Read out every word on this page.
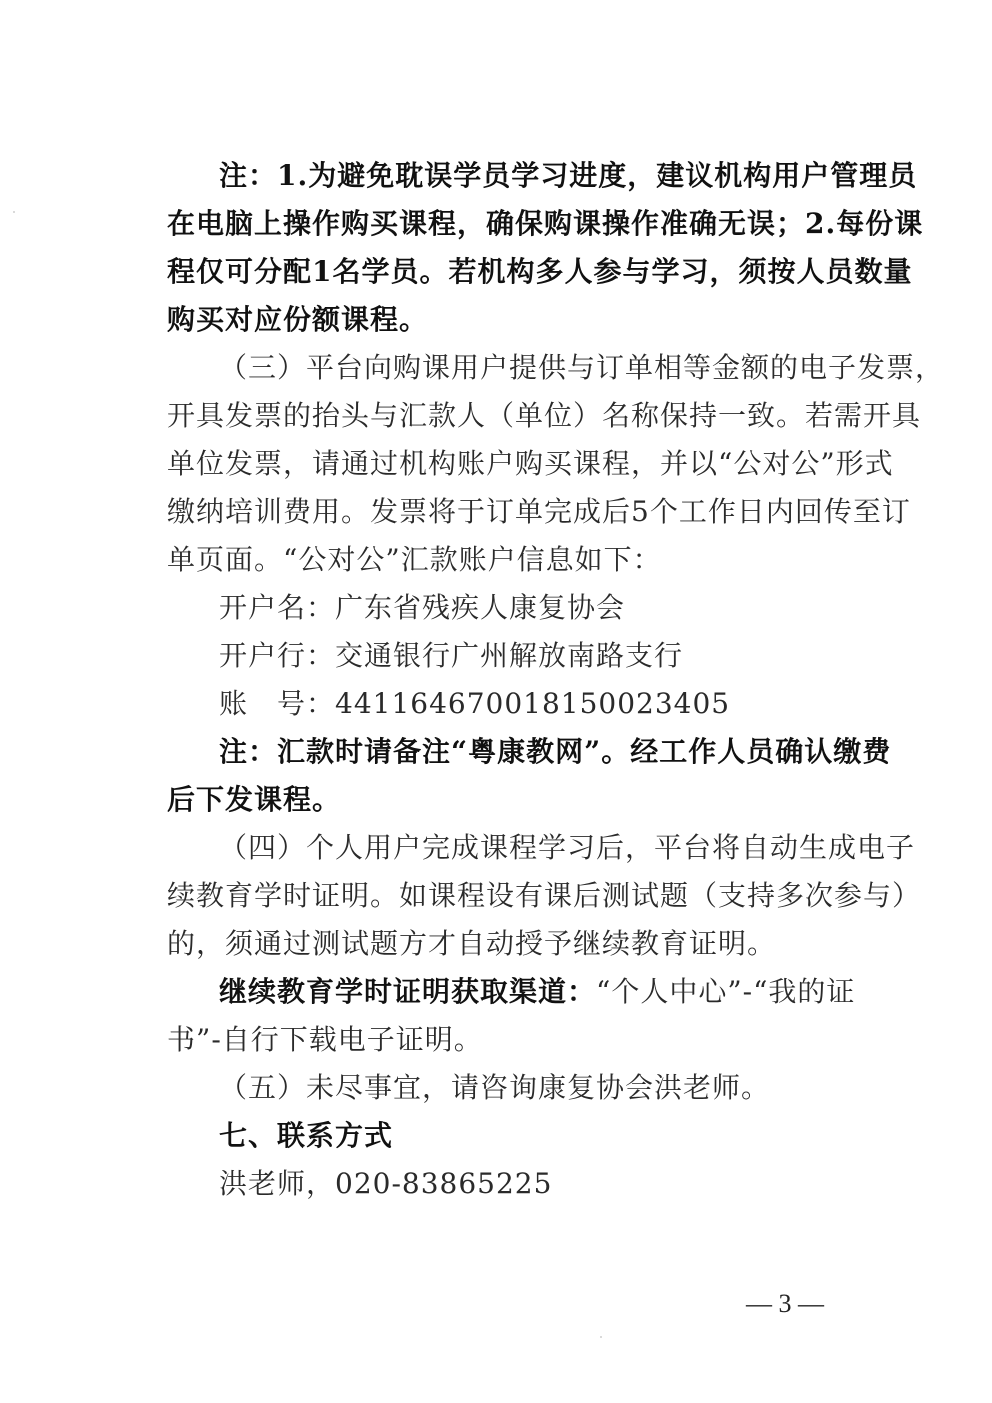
注：1.为避免耽误学员学习进度，建议机构用户管理员
在电脑上操作购买课程，确保购课操作准确无误；2.每份课
程仅可分配1名学员。若机构多人参与学习，须按人员数量
购买对应份额课程。
（三）平台向购课用户提供与订单相等金额的电子发票，
开具发票的抬头与汇款人（单位）名称保持一致。若需开具
单位发票，请通过机构账户购买课程，并以“公对公”形式
缴纳培训费用。发票将于订单完成后5个工作日内回传至订
单页面。“公对公”汇款账户信息如下：
开户名：广东省残疾人康复协会
开户行：交通银行广州解放南路支行
账　号：441164670018150023405
注：汇款时请备注“粤康教网”。经工作人员确认缴费
后下发课程。
（四）个人用户完成课程学习后，平台将自动生成电子
续教育学时证明。如课程设有课后测试题（支持多次参与）
的，须通过测试题方才自动授予继续教育证明。
继续教育学时证明获取渠道：“个人中心”-“我的证
书”-自行下载电子证明。
（五）未尽事宜，请咨询康复协会洪老师。
七、联系方式
洪老师，020-83865225
— 3 —
